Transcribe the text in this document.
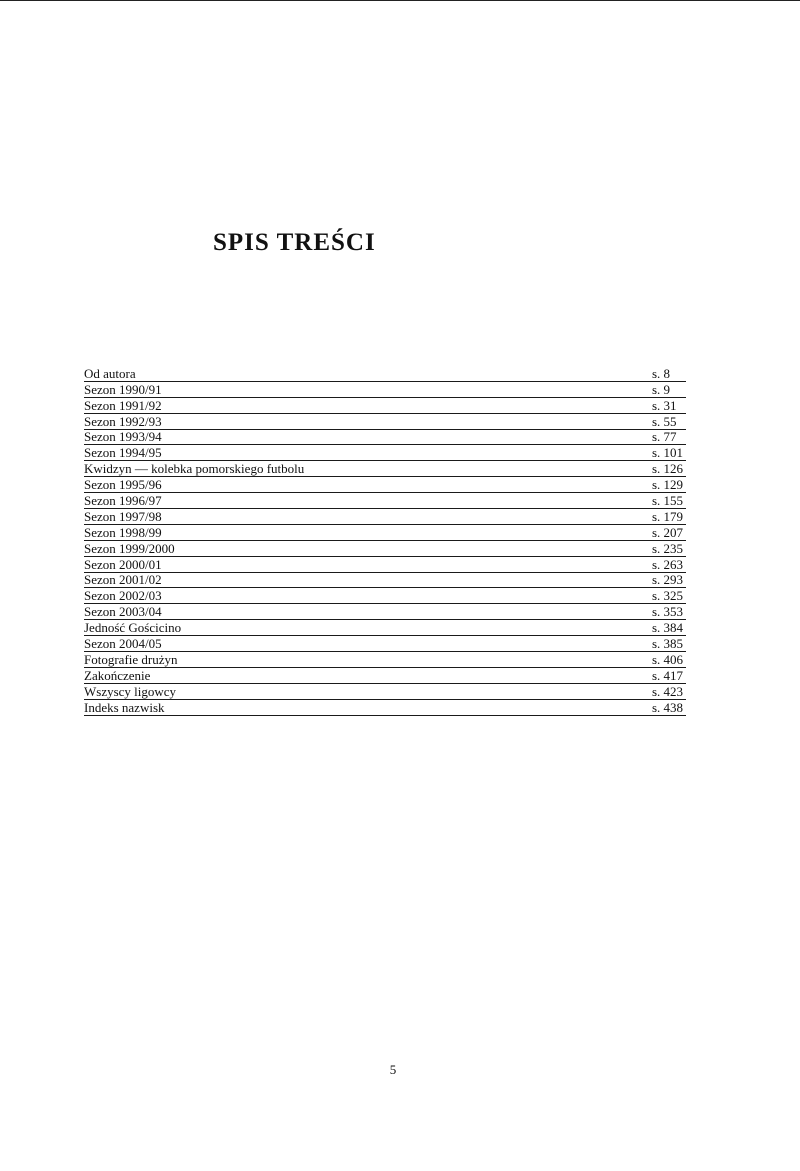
SPIS TREŚCI
Od autora	s. 8
Sezon 1990/91	s. 9
Sezon 1991/92	s. 31
Sezon 1992/93	s. 55
Sezon 1993/94	s. 77
Sezon 1994/95	s. 101
Kwidzyn — kolebka pomorskiego futbolu	s. 126
Sezon 1995/96	s. 129
Sezon 1996/97	s. 155
Sezon 1997/98	s. 179
Sezon 1998/99	s. 207
Sezon 1999/2000	s. 235
Sezon 2000/01	s. 263
Sezon 2001/02	s. 293
Sezon 2002/03	s. 325
Sezon 2003/04	s. 353
Jedność Gościcino	s. 384
Sezon 2004/05	s. 385
Fotografie drużyn	s. 406
Zakończenie	s. 417
Wszyscy ligowcy	s. 423
Indeks nazwisk	s. 438
5
